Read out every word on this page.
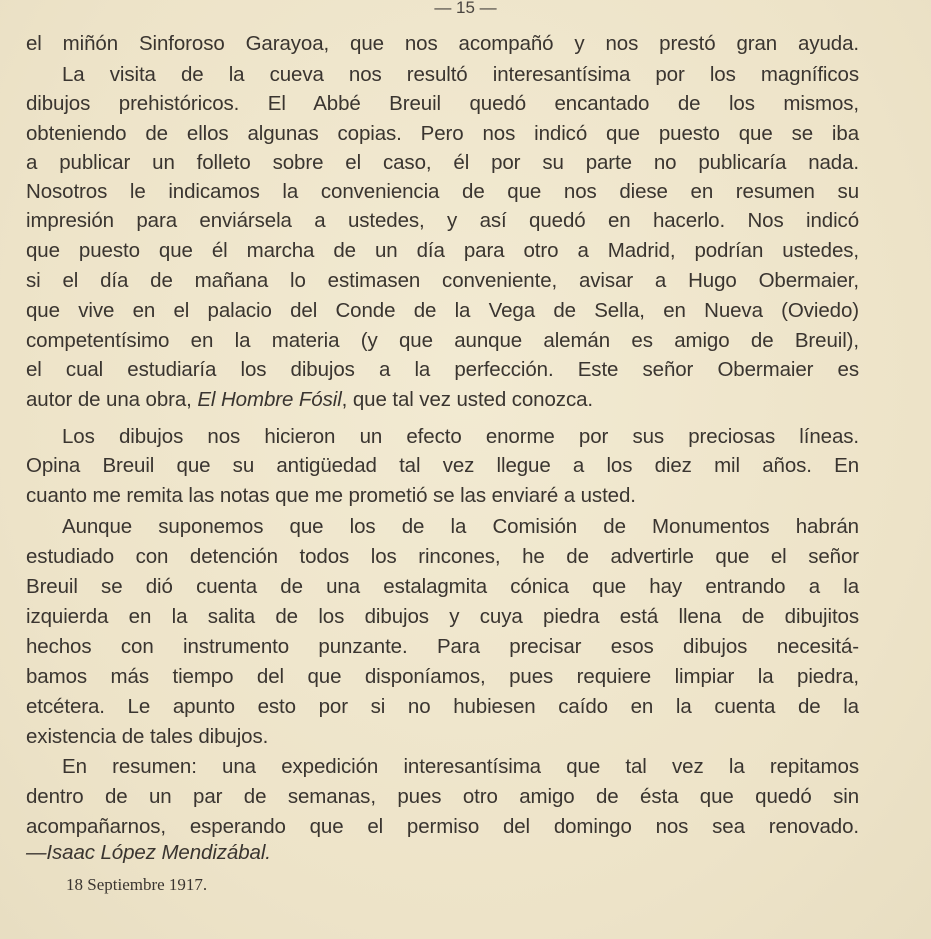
— 15 —
el miñón Sinforoso Garayoa, que nos acompañó y nos prestó gran ayuda.
La visita de la cueva nos resultó interesantísima por los magníficos
dibujos prehistóricos. El Abbé Breuil quedó encantado de los mismos,
obteniendo de ellos algunas copias. Pero nos indicó que puesto que se iba
a publicar un folleto sobre el caso, él por su parte no publicaría nada.
Nosotros le indicamos la conveniencia de que nos diese en resumen su
impresión para enviársela a ustedes, y así quedó en hacerlo. Nos indicó
que puesto que él marcha de un día para otro a Madrid, podrían ustedes,
si el día de mañana lo estimasen conveniente, avisar a Hugo Obermaier,
que vive en el palacio del Conde de la Vega de Sella, en Nueva (Oviedo)
competentísimo en la materia (y que aunque alemán es amigo de Breuil),
el cual estudiaría los dibujos a la perfección. Este señor Obermaier es
autor de una obra, El Hombre Fósil, que tal vez usted conozca.
Los dibujos nos hicieron un efecto enorme por sus preciosas líneas.
Opina Breuil que su antigüedad tal vez llegue a los diez mil años. En
cuanto me remita las notas que me prometió se las enviaré a usted.
Aunque suponemos que los de la Comisión de Monumentos habrán
estudiado con detención todos los rincones, he de advertirle que el señor
Breuil se dió cuenta de una estalagmita cónica que hay entrando a la
izquierda en la salita de los dibujos y cuya piedra está llena de dibujitos
hechos con instrumento punzante. Para precisar esos dibujos necesitá-
bamos más tiempo del que disponíamos, pues requiere limpiar la piedra,
etcétera. Le apunto esto por si no hubiesen caído en la cuenta de la
existencia de tales dibujos.
En resumen: una expedición interesantísima que tal vez la repitamos
dentro de un par de semanas, pues otro amigo de ésta que quedó sin
acompañarnos, esperando que el permiso del domingo nos sea renovado.
—Isaac López Mendizábal.
18 Septiembre 1917.
